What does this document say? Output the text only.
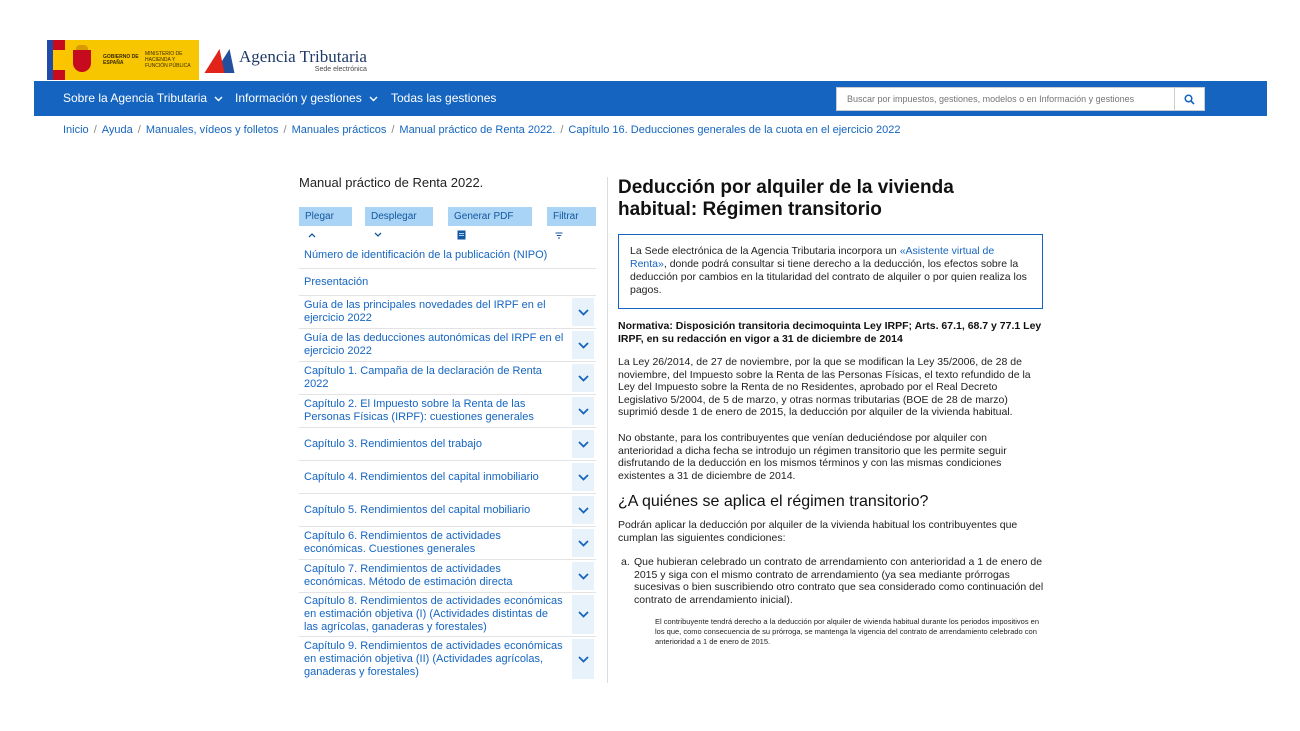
GOBIERNO DE ESPAÑA
MINISTERIO DE HACIENDA Y FUNCIÓN PÚBLICA
Agencia Tributaria
Sede electrónica
Sobre la Agencia Tributaria	Información y gestiones	Todas las gestiones
Buscar por impuestos, gestiones, modelos o en Información y gestiones
Inicio / Ayuda / Manuales, vídeos y folletos / Manuales prácticos / Manual práctico de Renta 2022. / Capítulo 16. Deducciones generales de la cuota en el ejercicio 2022
Manual práctico de Renta 2022.
Plegar	Desplegar	Generar PDF	Filtrar
Número de identificación de la publicación (NIPO)
Presentación
Guía de las principales novedades del IRPF en el ejercicio 2022
Guía de las deducciones autonómicas del IRPF en el ejercicio 2022
Capítulo 1. Campaña de la declaración de Renta 2022
Capítulo 2. El Impuesto sobre la Renta de las Personas Físicas (IRPF): cuestiones generales
Capítulo 3. Rendimientos del trabajo
Capítulo 4. Rendimientos del capital inmobiliario
Capítulo 5. Rendimientos del capital mobiliario
Capítulo 6. Rendimientos de actividades económicas. Cuestiones generales
Capítulo 7. Rendimientos de actividades económicas. Método de estimación directa
Capítulo 8. Rendimientos de actividades económicas en estimación objetiva (I) (Actividades distintas de las agrícolas, ganaderas y forestales)
Capítulo 9. Rendimientos de actividades económicas en estimación objetiva (II) (Actividades agrícolas, ganaderas y forestales)
Deducción por alquiler de la vivienda habitual: Régimen transitorio
La Sede electrónica de la Agencia Tributaria incorpora un «Asistente virtual de Renta», donde podrá consultar si tiene derecho a la deducción, los efectos sobre la deducción por cambios en la titularidad del contrato de alquiler o por quien realiza los pagos.
Normativa: Disposición transitoria decimoquinta Ley IRPF; Arts. 67.1, 68.7 y 77.1 Ley IRPF, en su redacción en vigor a 31 de diciembre de 2014
La Ley 26/2014, de 27 de noviembre, por la que se modifican la Ley 35/2006, de 28 de noviembre, del Impuesto sobre la Renta de las Personas Físicas, el texto refundido de la Ley del Impuesto sobre la Renta de no Residentes, aprobado por el Real Decreto Legislativo 5/2004, de 5 de marzo, y otras normas tributarias (BOE de 28 de marzo) suprimió desde 1 de enero de 2015, la deducción por alquiler de la vivienda habitual.
No obstante, para los contribuyentes que venían deduciéndose por alquiler con anterioridad a dicha fecha se introdujo un régimen transitorio que les permite seguir disfrutando de la deducción en los mismos términos y con las mismas condiciones existentes a 31 de diciembre de 2014.
¿A quiénes se aplica el régimen transitorio?
Podrán aplicar la deducción por alquiler de la vivienda habitual los contribuyentes que cumplan las siguientes condiciones:
a. Que hubieran celebrado un contrato de arrendamiento con anterioridad a 1 de enero de 2015 y siga con el mismo contrato de arrendamiento (ya sea mediante prórrogas sucesivas o bien suscribiendo otro contrato que sea considerado como continuación del contrato de arrendamiento inicial).
El contribuyente tendrá derecho a la deducción por alquiler de vivienda habitual durante los periodos impositivos en los que, como consecuencia de su prórroga, se mantenga la vigencia del contrato de arrendamiento celebrado con anterioridad a 1 de enero de 2015.
